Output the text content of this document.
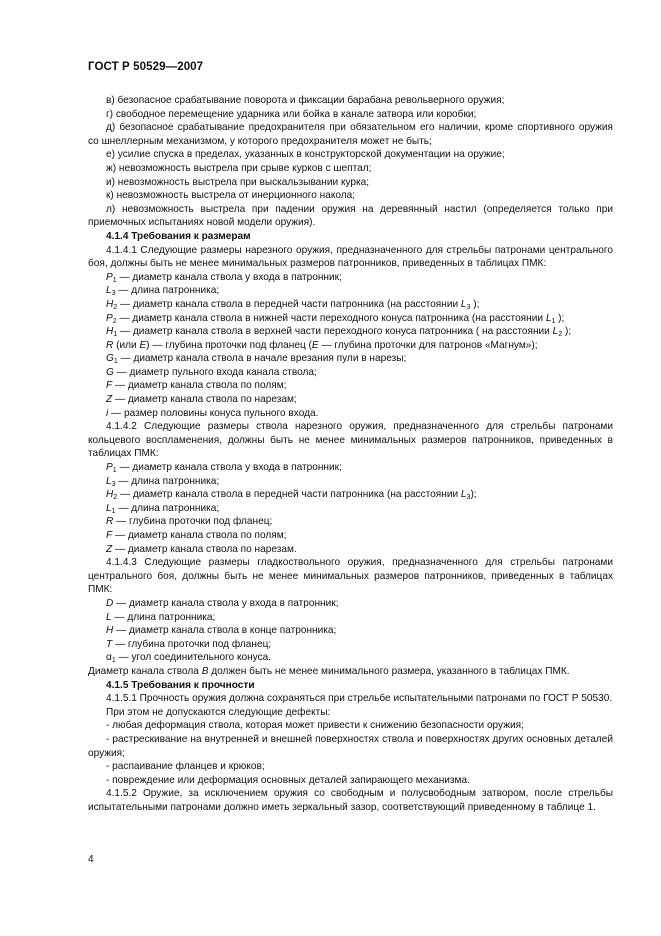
ГОСТ Р 50529—2007

в) безопасное срабатывание поворота и фиксации барабана револьверного оружия;

г) свободное перемещение ударника или бойка в канале затвора или коробки;

д) безопасное срабатывание предохранителя при обязательном его наличии, кроме спортивного оружия со шнеллерным механизмом, у которого предохранителя может не быть;

е) усилие спуска в пределах, указанных в конструкторской документации на оружие;

ж) невозможность выстрела при срыве курков с шептал;

и) невозможность выстрела при выскальзывании курка;

к) невозможность выстрела от инерционного накола;

л) невозможность выстрела при падении оружия на деревянный настил (определяется только при приемочных испытаниях новой модели оружия).

4.1.4 Требования к размерам

4.1.4.1 Следующие размеры нарезного оружия, предназначенного для стрельбы патронами центрального боя, должны быть не менее минимальных размеров патронников, приведенных в таблицах ПМК:

$P_1$ — диаметр канала ствола у входа в патронник;

$L_3$ — длина патронника;

$H_2$ — диаметр канала ствола в передней части патронника (на расстоянии $L_3$ );

$P_2$ — диаметр канала ствола в нижней части переходного конуса патронника (на расстоянии $L_1$ );

$H_1$ — диаметр канала ствола в верхней части переходного конуса патронника ( на расстоянии $L_2$ );

R (или E) — глубина проточки под фланец (E — глубина проточки для патронов «Магнум»);

$G_1$ — диаметр канала ствола в начале врезания пули в нарезы;

G — диаметр пульного входа канала ствола;

F — диаметр канала ствола по полям;

Z — диаметр канала ствола по нарезам;

i — размер половины конуса пульного входа.

4.1.4.2 Следующие размеры ствола нарезного оружия, предназначенного для стрельбы патронами кольцевого воспламенения, должны быть не менее минимальных размеров патронников, приведенных в таблицах ПМК:

$P_1$ — диаметр канала ствола у входа в патронник;

$L_3$ — длина патронника;

$H_2$ — диаметр канала ствола в передней части патронника (на расстоянии $L_3$);

$L_1$ — длина патронника;

R — глубина проточки под фланец;

F — диаметр канала ствола по полям;

Z — диаметр канала ствола по нарезам.

4.1.4.3 Следующие размеры гладкоствольного оружия, предназначенного для стрельбы патронами центрального боя, должны быть не менее минимальных размеров патронников, приведенных в таблицах ПМК:

D — диаметр канала ствола у входа в патронник;

L — длина патронника;

H — диаметр канала ствола в конце патронника;

T — глубина проточки под фланец;

$\alpha_1$ — угол соединительного конуса.

Диаметр канала ствола B должен быть не менее минимального размера, указанного в таблицах ПМК.

4.1.5 Требования к прочности

4.1.5.1 Прочность оружия должна сохраняться при стрельбе испытательными патронами по ГОСТ Р 50530.

При этом не допускаются следующие дефекты:

- любая деформация ствола, которая может привести к снижению безопасности оружия;

- растрескивание на внутренней и внешней поверхностях ствола и поверхностях других основных деталей оружия;

- распаивание фланцев и крюков;

- повреждение или деформация основных деталей запирающего механизма.

4.1.5.2 Оружие, за исключением оружия со свободным и полусвободным затвором, после стрельбы испытательными патронами должно иметь зеркальный зазор, соответствующий приведенному в таблице 1.

4
